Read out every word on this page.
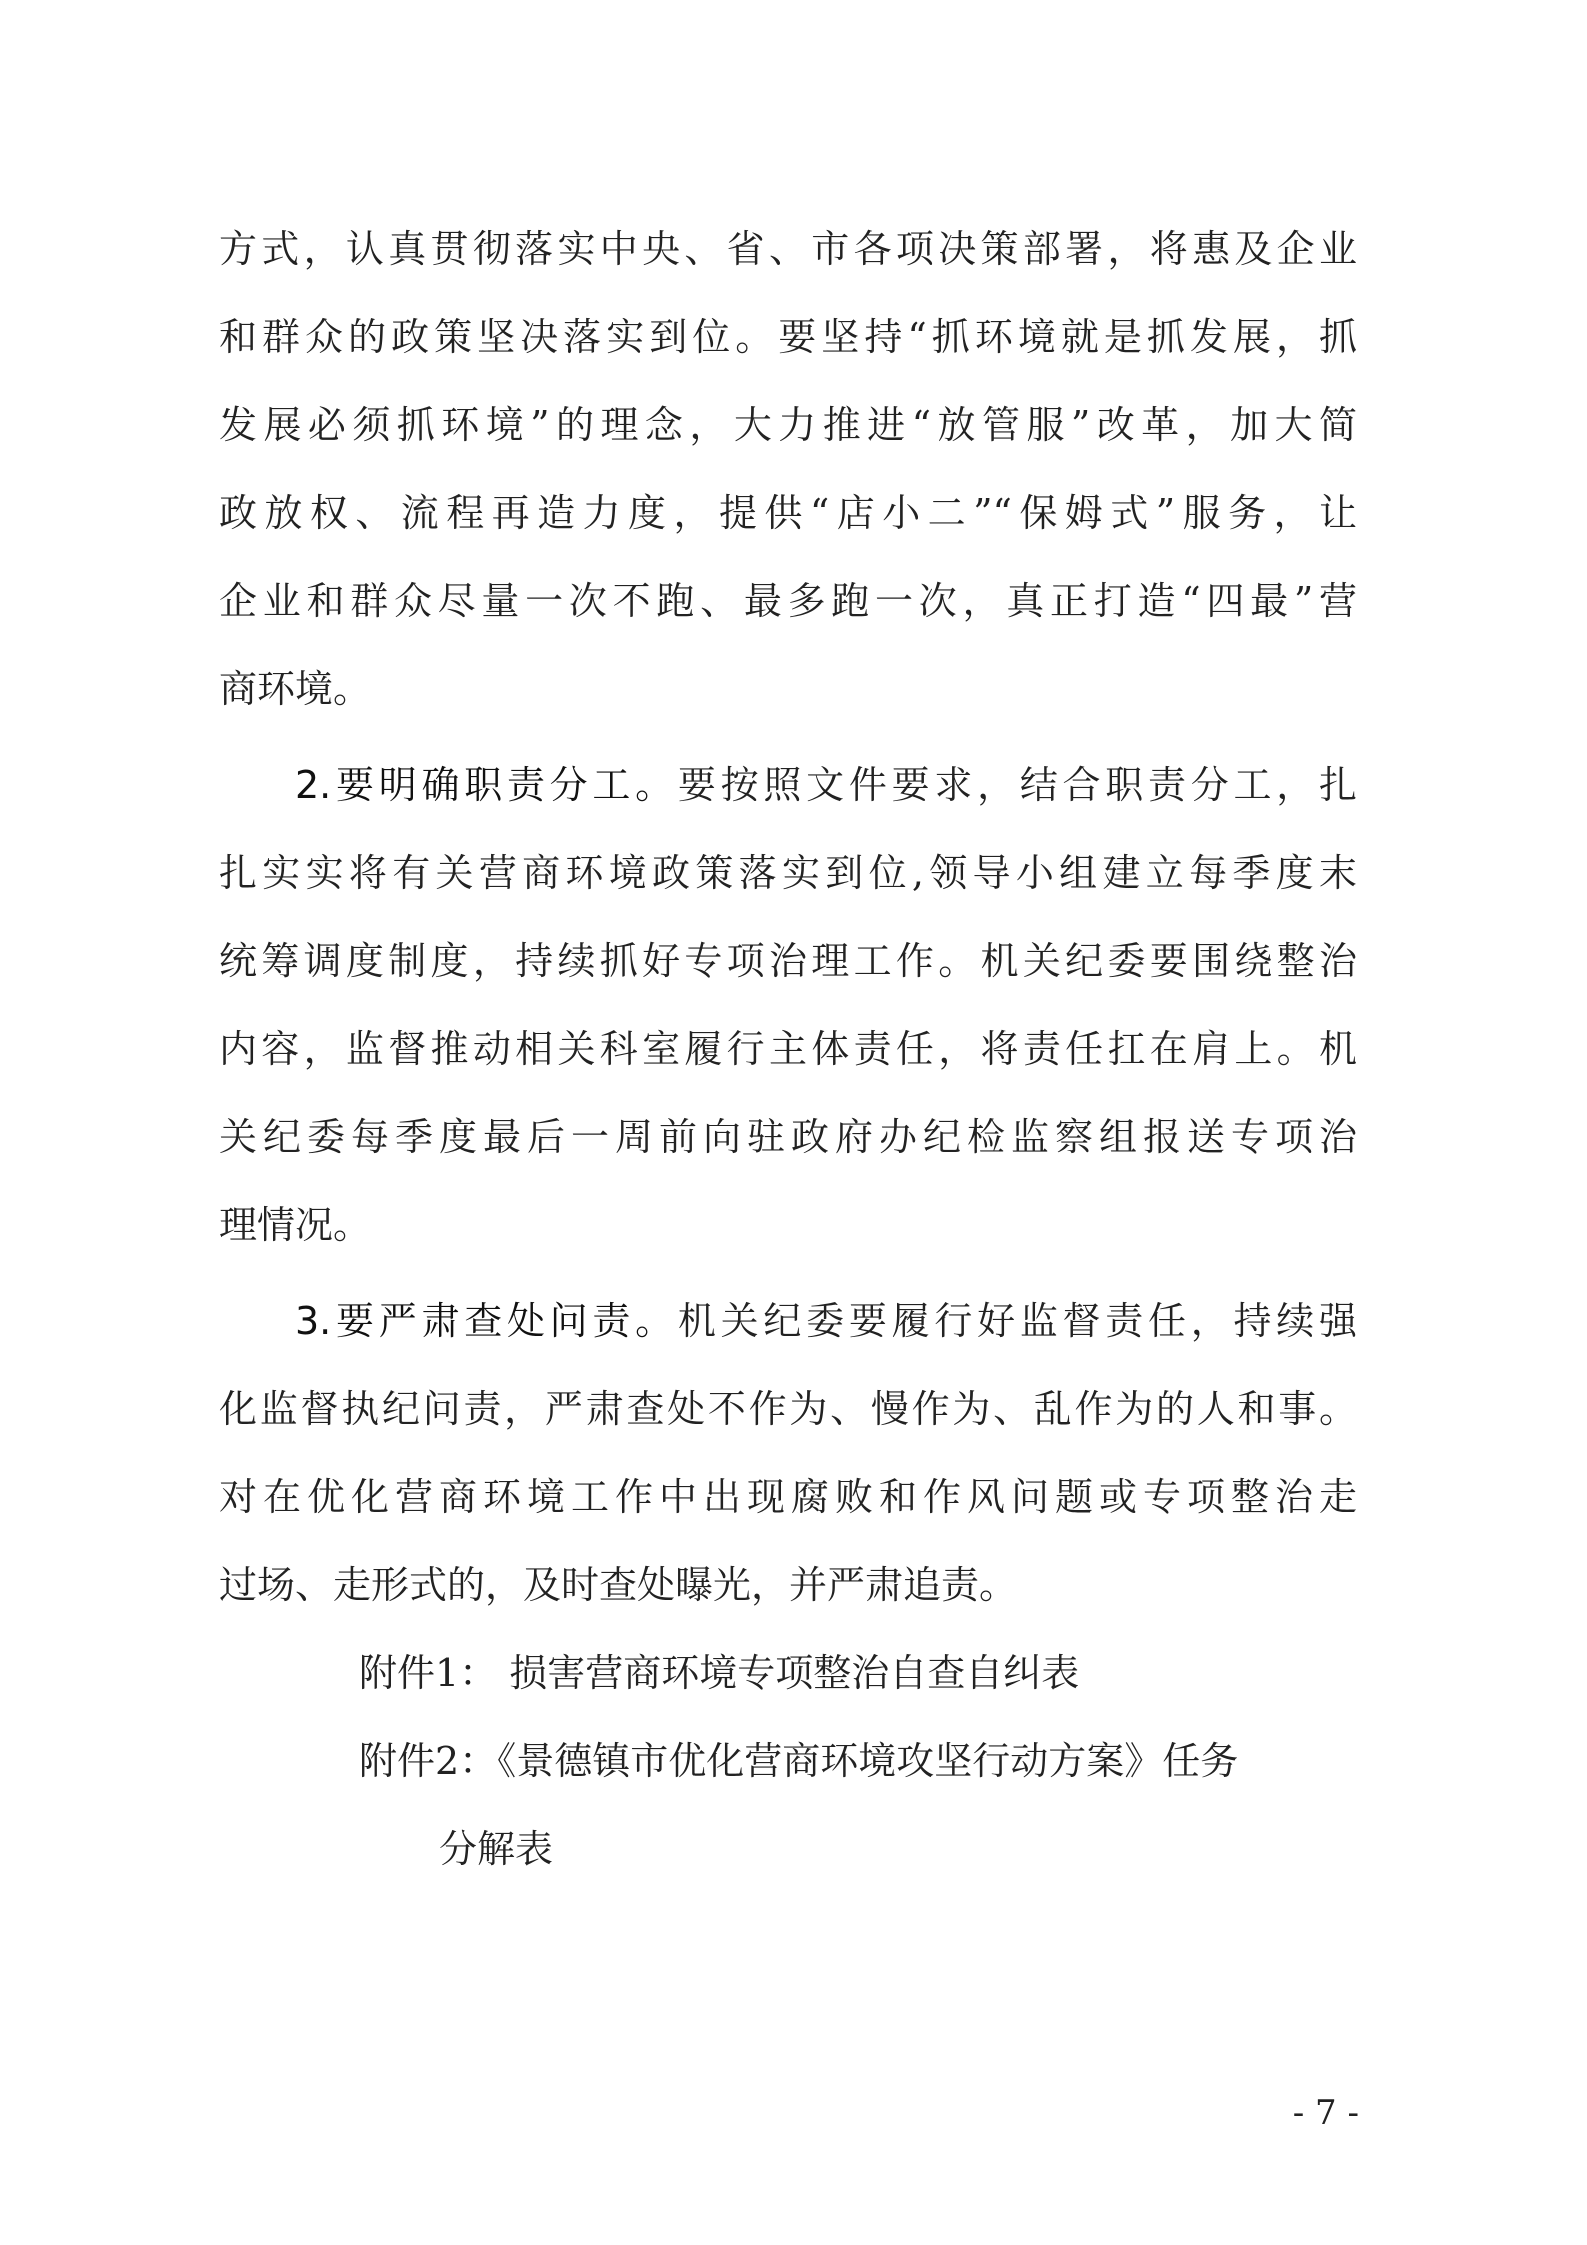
方式，认真贯彻落实中央、省、市各项决策部署，将惠及企业
和群众的政策坚决落实到位。要坚持“抓环境就是抓发展，抓
发展必须抓环境”的理念，大力推进“放管服”改革，加大简
政放权、流程再造力度，提供“店小二”“保姆式”服务，让
企业和群众尽量一次不跑、最多跑一次，真正打造“四最”营
商环境。
2.要明确职责分工。要按照文件要求，结合职责分工，扎
扎实实将有关营商环境政策落实到位,领导小组建立每季度末
统筹调度制度，持续抓好专项治理工作。机关纪委要围绕整治
内容，监督推动相关科室履行主体责任，将责任扛在肩上。机
关纪委每季度最后一周前向驻政府办纪检监察组报送专项治
理情况。
3.要严肃查处问责。机关纪委要履行好监督责任，持续强
化监督执纪问责，严肃查处不作为、慢作为、乱作为的人和事。
对在优化营商环境工作中出现腐败和作风问题或专项整治走
过场、走形式的，及时查处曝光，并严肃追责。
附件1： 损害营商环境专项整治自查自纠表
附件2：《景德镇市优化营商环境攻坚行动方案》任务
分解表
- 7 -
